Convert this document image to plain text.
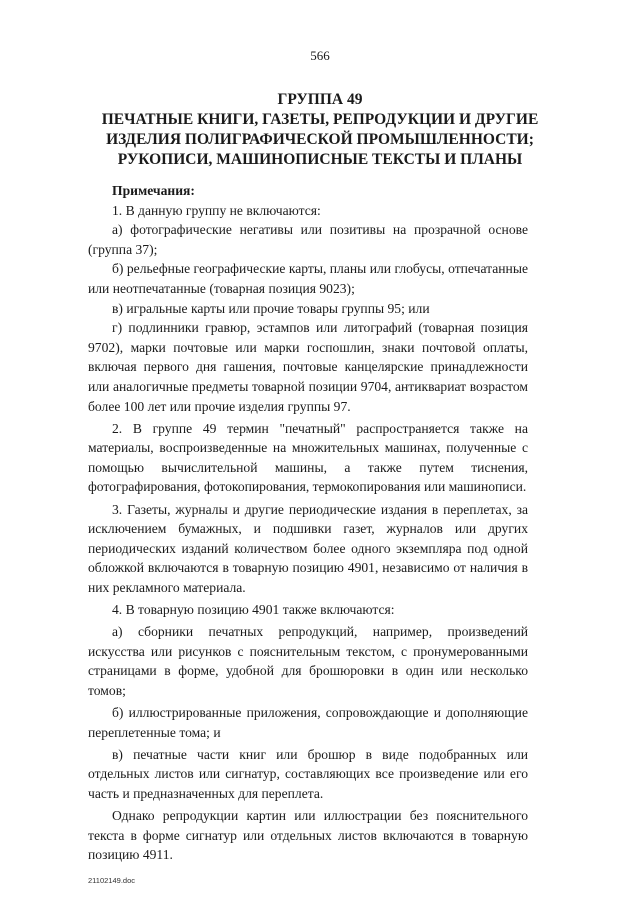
566
ГРУППА 49
ПЕЧАТНЫЕ КНИГИ, ГАЗЕТЫ, РЕПРОДУКЦИИ И ДРУГИЕ
ИЗДЕЛИЯ ПОЛИГРАФИЧЕСКОЙ ПРОМЫШЛЕННОСТИ;
РУКОПИСИ, МАШИНОПИСНЫЕ ТЕКСТЫ И ПЛАНЫ
Примечания:

1. В данную группу не включаются:

а) фотографические негативы или позитивы на прозрачной основе (группа 37);

б) рельефные географические карты, планы или глобусы, отпечатанные или неотпечатанные (товарная позиция 9023);

в) игральные карты или прочие товары группы 95; или

г) подлинники гравюр, эстампов или литографий (товарная позиция 9702), марки почтовые или марки госпошлин, знаки почтовой оплаты, включая первого дня гашения, почтовые канцелярские принадлежности или аналогичные предметы товарной позиции 9704, антиквариат возрастом более 100 лет или прочие изделия группы 97.

2. В группе 49 термин "печатный" распространяется также на материалы, воспроизведенные на множительных машинах, полученные с помощью вычислительной машины, а также путем тиснения, фотографирования, фотокопирования, термокопирования или машинописи.

3. Газеты, журналы и другие периодические издания в переплетах, за исключением бумажных, и подшивки газет, журналов или других периодических изданий количеством более одного экземпляра под одной обложкой включаются в товарную позицию 4901, независимо от наличия в них рекламного материала.

4. В товарную позицию 4901 также включаются:

а) сборники печатных репродукций, например, произведений искусства или рисунков с пояснительным текстом, с пронумерованными страницами в форме, удобной для брошюровки в один или несколько томов;

б) иллюстрированные приложения, сопровождающие и дополняющие переплетенные тома; и

в) печатные части книг или брошюр в виде подобранных или отдельных листов или сигнатур, составляющих все произведение или его часть и предназначенных для переплета.

Однако репродукции картин или иллюстрации без пояснительного текста в форме сигнатур или отдельных листов включаются в товарную позицию 4911.

21102149.doc
